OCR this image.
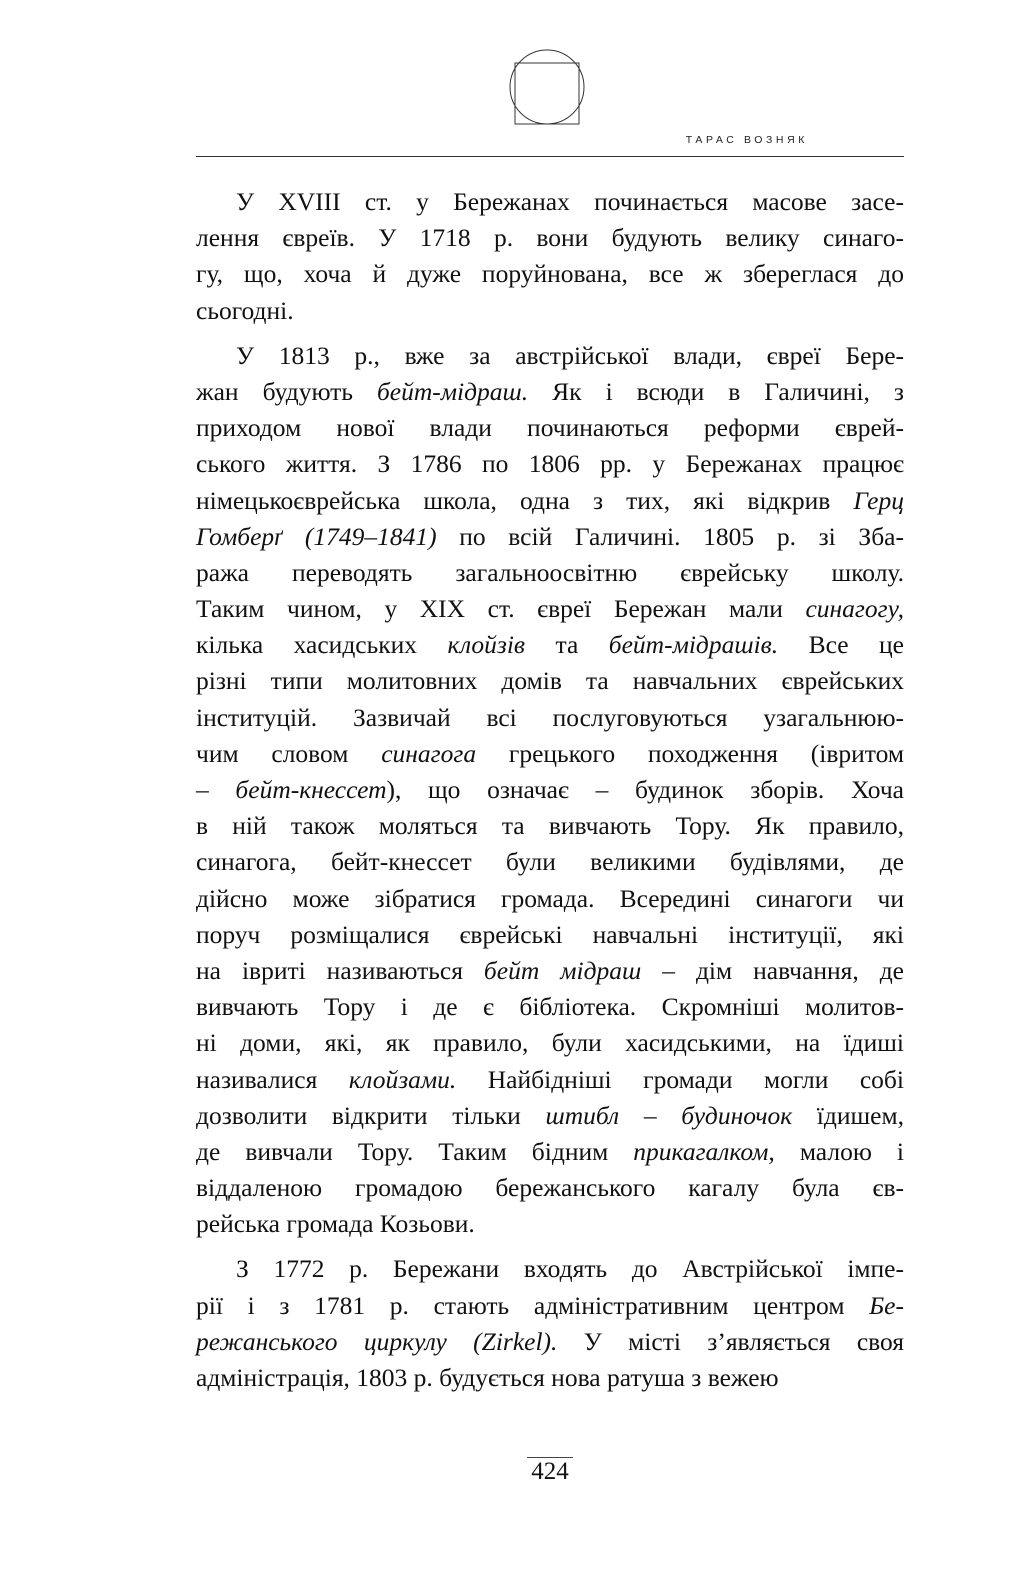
ТАРАС ВОЗНЯК
У XVIII ст. у Бережанах починається масове засе-
лення євреїв. У 1718 р. вони будують велику синаго-
гу, що, хоча й дуже поруйнована, все ж збереглася до
сьогодні.
У 1813 р., вже за австрійської влади, євреї Бере-
жан будують бейт-мідраш. Як і всюди в Галичині, з
приходом нової влади починаються реформи єврей-
ського життя. З 1786 по 1806 рр. у Бережанах працює
німецькоєврейська школа, одна з тих, які відкрив Герц
Гомберґ (1749–1841) по всій Галичині. 1805 р. зі Зба-
ража переводять загальноосвітню єврейську школу.
Таким чином, у XIX ст. євреї Бережан мали синагогу,
кілька хасидських клойзів та бейт-мідрашів. Все це
різні типи молитовних домів та навчальних єврейських
інституцій. Зазвичай всі послуговуються узагальнюю-
чим словом синагога грецького походження (івритом
– бейт-кнессет), що означає – будинок зборів. Хоча
в ній також моляться та вивчають Тору. Як правило,
синагога, бейт-кнессет були великими будівлями, де
дійсно може зібратися громада. Всередині синагоги чи
поруч розміщалися єврейські навчальні інституції, які
на івриті називаються бейт мідраш – дім навчання, де
вивчають Тору і де є бібліотека. Скромніші молитов-
ні доми, які, як правило, були хасидськими, на їдиші
називалися клойзами. Найбідніші громади могли собі
дозволити відкрити тільки штибл – будиночок їдишем,
де вивчали Тору. Таким бідним прикагалком, малою і
віддаленою громадою бережанського кагалу була єв-
рейська громада Козьови.
З 1772 р. Бережани входять до Австрійської імпе-
рії і з 1781 р. стають адміністративним центром Бе-
режанського циркулу (Zirkel). У місті з’являється своя
адміністрація, 1803 р. будується нова ратуша з вежею
424
